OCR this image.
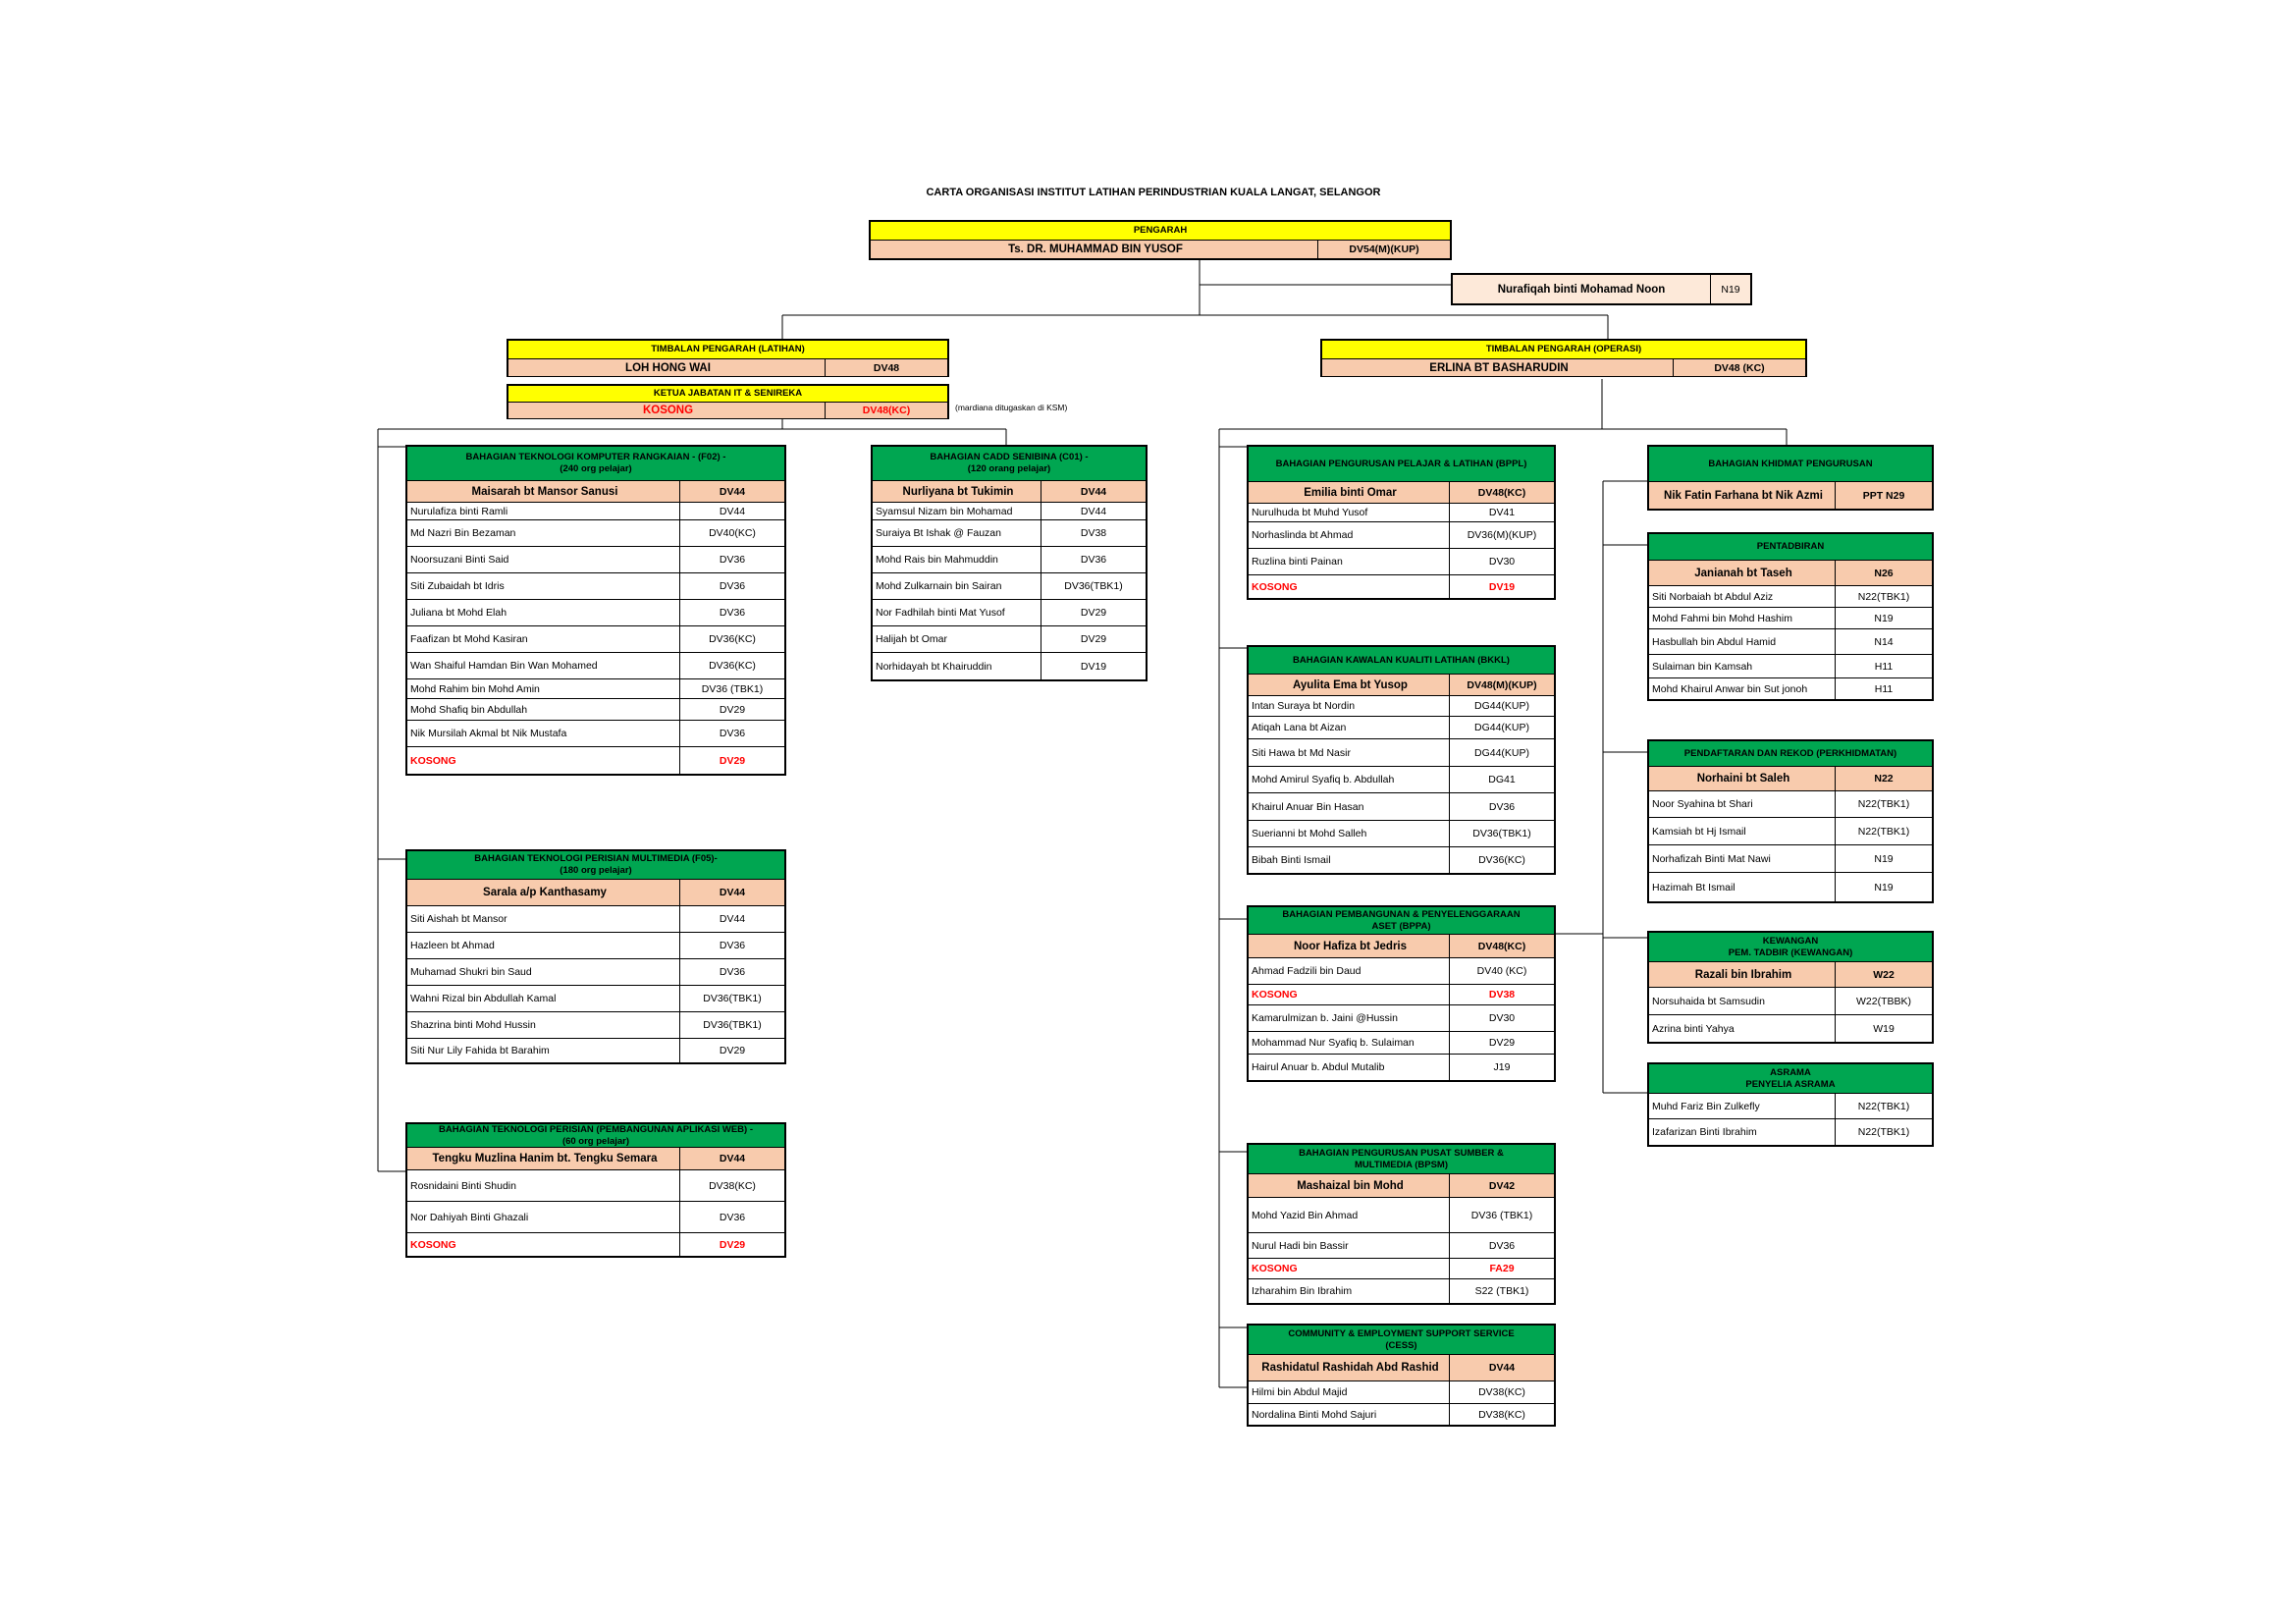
CARTA ORGANISASI INSTITUT LATIHAN PERINDUSTRIAN KUALA LANGAT, SELANGOR
PENGARAH
Ts. DR. MUHAMMAD BIN YUSOF	DV54(M)(KUP)
Nurafiqah binti Mohamad Noon	N19
TIMBALAN PENGARAH (LATIHAN)
LOH HONG WAI	DV48
KETUA JABATAN IT & SENIREKA
KOSONG	DV48(KC)	(mardiana ditugaskan di KSM)
TIMBALAN PENGARAH (OPERASI)
ERLINA BT BASHARUDIN	DV48 (KC)
BAHAGIAN TEKNOLOGI KOMPUTER RANGKAIAN - (F02) -
(240 org pelajar)
Maisarah bt Mansor Sanusi	DV44
Nurulafiza binti Ramli	DV44
Md Nazri Bin Bezaman	DV40(KC)
Noorsuzani Binti Said	DV36
Siti Zubaidah bt Idris	DV36
Juliana bt Mohd Elah	DV36
Faafizan bt Mohd Kasiran	DV36(KC)
Wan Shaiful Hamdan Bin Wan Mohamed	DV36(KC)
Mohd Rahim bin Mohd Amin	DV36 (TBK1)
Mohd Shafiq bin Abdullah	DV29
Nik Mursilah Akmal bt Nik Mustafa	DV36
KOSONG	DV29
BAHAGIAN TEKNOLOGI PERISIAN MULTIMEDIA (F05)-
(180 org pelajar)
Sarala a/p Kanthasamy	DV44
Siti Aishah bt Mansor	DV44
Hazleen bt Ahmad	DV36
Muhamad Shukri bin Saud	DV36
Wahni Rizal bin Abdullah Kamal	DV36(TBK1)
Shazrina binti Mohd Hussin	DV36(TBK1)
Siti Nur Lily Fahida bt Barahim	DV29
BAHAGIAN TEKNOLOGI PERISIAN (PEMBANGUNAN APLIKASI WEB) -
(60 org pelajar)
Tengku Muzlina Hanim bt. Tengku Semara	DV44
Rosnidaini Binti Shudin	DV38(KC)
Nor Dahiyah Binti Ghazali	DV36
KOSONG	DV29
BAHAGIAN CADD SENIBINA (C01) -
(120 orang pelajar)
Nurliyana bt Tukimin	DV44
Syamsul Nizam bin Mohamad	DV44
Suraiya Bt Ishak @ Fauzan	DV38
Mohd Rais bin Mahmuddin	DV36
Mohd Zulkarnain bin Sairan	DV36(TBK1)
Nor Fadhilah binti Mat Yusof	DV29
Halijah bt Omar	DV29
Norhidayah bt Khairuddin	DV19
BAHAGIAN PENGURUSAN PELAJAR & LATIHAN (BPPL)
Emilia binti Omar	DV48(KC)
Nurulhuda bt Muhd Yusof	DV41
Norhaslinda bt Ahmad	DV36(M)(KUP)
Ruzlina binti Painan	DV30
KOSONG	DV19
BAHAGIAN KAWALAN KUALITI LATIHAN (BKKL)
Ayulita Ema bt Yusop	DV48(M)(KUP)
Intan Suraya bt Nordin	DG44(KUP)
Atiqah Lana bt Aizan	DG44(KUP)
Siti Hawa bt Md Nasir	DG44(KUP)
Mohd Amirul Syafiq b. Abdullah	DG41
Khairul Anuar Bin Hasan	DV36
Suerianni bt Mohd Salleh	DV36(TBK1)
Bibah Binti Ismail	DV36(KC)
BAHAGIAN PEMBANGUNAN & PENYELENGGARAAN
ASET (BPPA)
Noor Hafiza bt Jedris	DV48(KC)
Ahmad Fadzili bin Daud	DV40 (KC)
KOSONG	DV38
Kamarulmizan b. Jaini @Hussin	DV30
Mohammad Nur Syafiq b. Sulaiman	DV29
Hairul Anuar b. Abdul Mutalib	J19
BAHAGIAN PENGURUSAN PUSAT SUMBER &
MULTIMEDIA (BPSM)
Mashaizal bin Mohd	DV42
Mohd Yazid Bin Ahmad	DV36 (TBK1)
Nurul Hadi bin Bassir	DV36
KOSONG	FA29
Izharahim Bin Ibrahim	S22 (TBK1)
COMMUNITY & EMPLOYMENT SUPPORT SERVICE
(CESS)
Rashidatul Rashidah Abd Rashid	DV44
Hilmi bin Abdul Majid	DV38(KC)
Nordalina Binti Mohd Sajuri	DV38(KC)
BAHAGIAN KHIDMAT PENGURUSAN
Nik Fatin Farhana bt Nik Azmi	PPT N29
PENTADBIRAN
Janianah bt Taseh	N26
Siti Norbaiah bt Abdul Aziz	N22(TBK1)
Mohd Fahmi bin Mohd Hashim	N19
Hasbullah bin Abdul Hamid	N14
Sulaiman bin Kamsah	H11
Mohd Khairul Anwar bin Sut jonoh	H11
PENDAFTARAN DAN REKOD (PERKHIDMATAN)
Norhaini bt Saleh	N22
Noor Syahina bt Shari	N22(TBK1)
Kamsiah bt Hj Ismail	N22(TBK1)
Norhafizah Binti Mat Nawi	N19
Hazimah Bt Ismail	N19
KEWANGAN
PEM. TADBIR (KEWANGAN)
Razali bin Ibrahim	W22
Norsuhaida bt Samsudin	W22(TBBK)
Azrina binti Yahya	W19
ASRAMA
PENYELIA ASRAMA
Muhd Fariz Bin Zulkefly	N22(TBK1)
Izafarizan Binti Ibrahim	N22(TBK1)
